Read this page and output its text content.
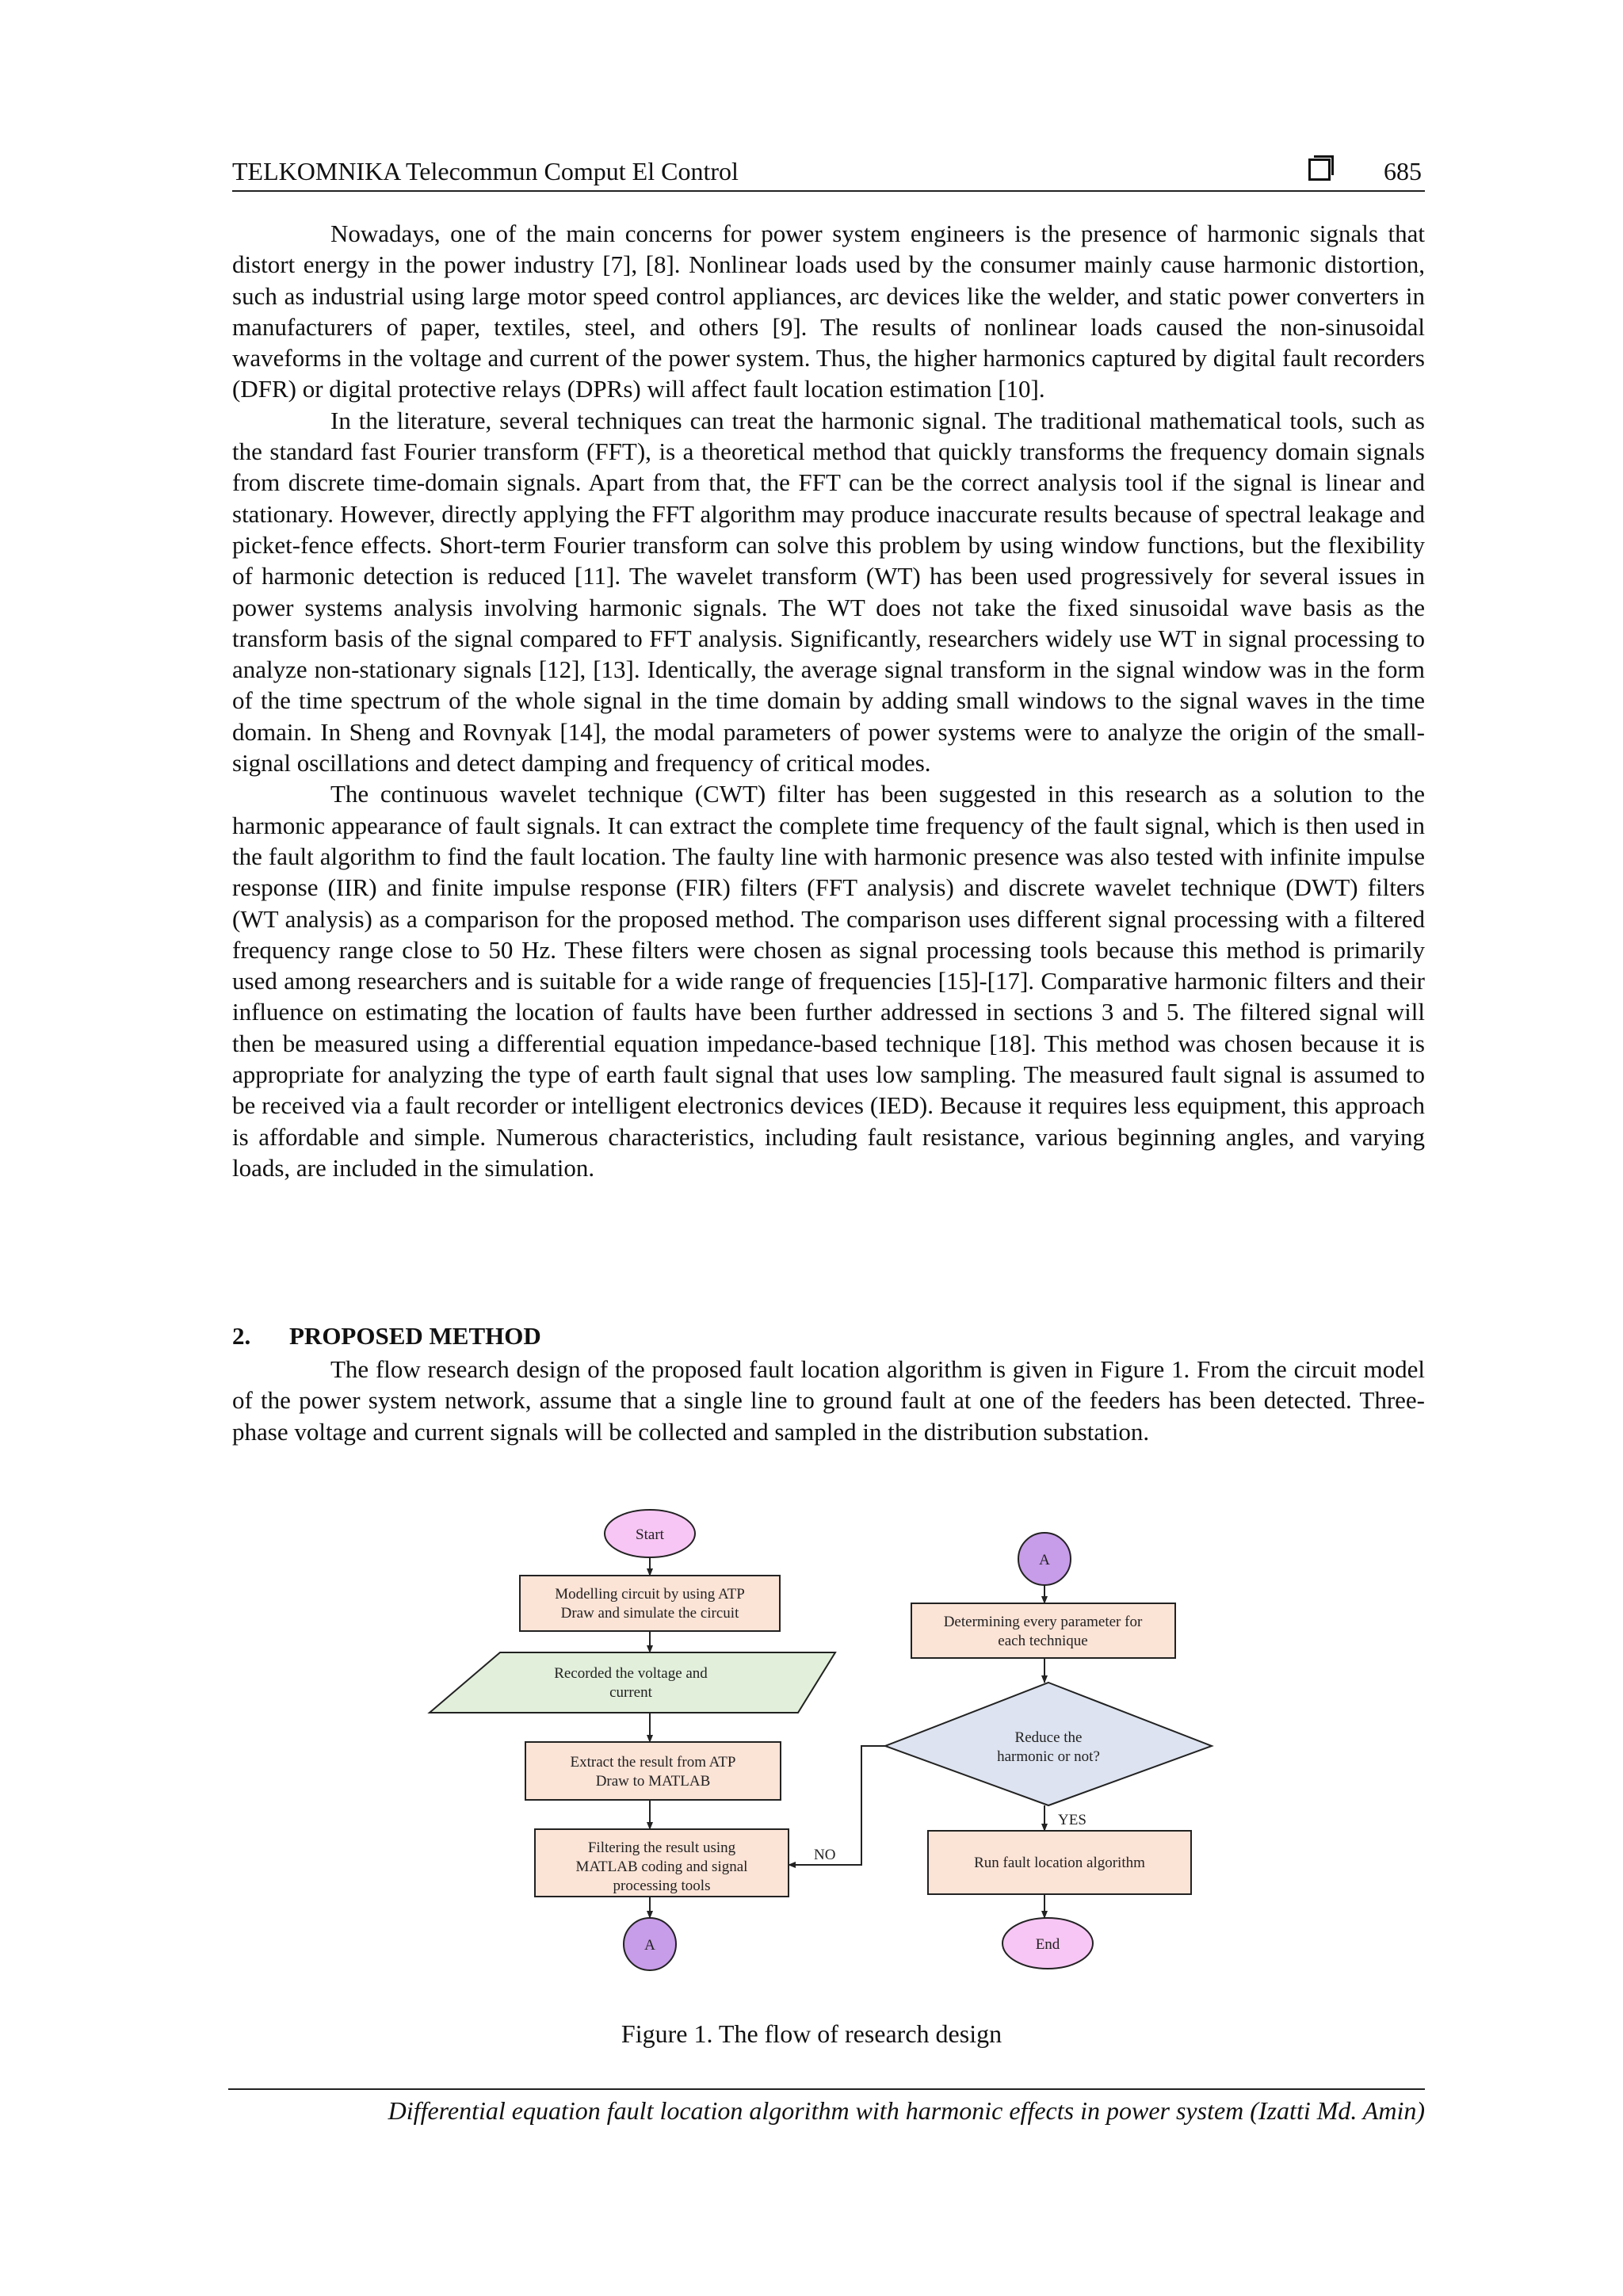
TELKOMNIKA Telecommun Comput El Control	685

Nowadays, one of the main concerns for power system engineers is the presence of harmonic signals that distort energy in the power industry [7], [8]. Nonlinear loads used by the consumer mainly cause harmonic distortion, such as industrial using large motor speed control appliances, arc devices like the welder, and static power converters in manufacturers of paper, textiles, steel, and others [9]. The results of nonlinear loads caused the non-sinusoidal waveforms in the voltage and current of the power system. Thus, the higher harmonics captured by digital fault recorders (DFR) or digital protective relays (DPRs) will affect fault location estimation [10].

In the literature, several techniques can treat the harmonic signal. The traditional mathematical tools, such as the standard fast Fourier transform (FFT), is a theoretical method that quickly transforms the frequency domain signals from discrete time-domain signals. Apart from that, the FFT can be the correct analysis tool if the signal is linear and stationary. However, directly applying the FFT algorithm may produce inaccurate results because of spectral leakage and picket-fence effects. Short-term Fourier transform can solve this problem by using window functions, but the flexibility of harmonic detection is reduced [11]. The wavelet transform (WT) has been used progressively for several issues in power systems analysis involving harmonic signals. The WT does not take the fixed sinusoidal wave basis as the transform basis of the signal compared to FFT analysis. Significantly, researchers widely use WT in signal processing to analyze non-stationary signals [12], [13]. Identically, the average signal transform in the signal window was in the form of the time spectrum of the whole signal in the time domain by adding small windows to the signal waves in the time domain. In Sheng and Rovnyak [14], the modal parameters of power systems were to analyze the origin of the small-signal oscillations and detect damping and frequency of critical modes.

The continuous wavelet technique (CWT) filter has been suggested in this research as a solution to the harmonic appearance of fault signals. It can extract the complete time frequency of the fault signal, which is then used in the fault algorithm to find the fault location. The faulty line with harmonic presence was also tested with infinite impulse response (IIR) and finite impulse response (FIR) filters (FFT analysis) and discrete wavelet technique (DWT) filters (WT analysis) as a comparison for the proposed method. The comparison uses different signal processing with a filtered frequency range close to 50 Hz. These filters were chosen as signal processing tools because this method is primarily used among researchers and is suitable for a wide range of frequencies [15]-[17]. Comparative harmonic filters and their influence on estimating the location of faults have been further addressed in sections 3 and 5. The filtered signal will then be measured using a differential equation impedance-based technique [18]. This method was chosen because it is appropriate for analyzing the type of earth fault signal that uses low sampling. The measured fault signal is assumed to be received via a fault recorder or intelligent electronics devices (IED). Because it requires less equipment, this approach is affordable and simple. Numerous characteristics, including fault resistance, various beginning angles, and varying loads, are included in the simulation.

2. PROPOSED METHOD

The flow research design of the proposed fault location algorithm is given in Figure 1. From the circuit model of the power system network, assume that a single line to ground fault at one of the feeders has been detected. Three-phase voltage and current signals will be collected and sampled in the distribution substation.

Start
Modelling circuit by using ATP
Draw and simulate the circuit
Recorded the voltage and
current
Extract the result from ATP
Draw to MATLAB
Filtering the result using
MATLAB coding and signal
processing tools
A
A
Determining every parameter for
each technique
Reduce the
harmonic or not?
YES
NO	Run fault location algorithm
End

Figure 1. The flow of research design

Differential equation fault location algorithm with harmonic effects in power system (Izatti Md. Amin)
